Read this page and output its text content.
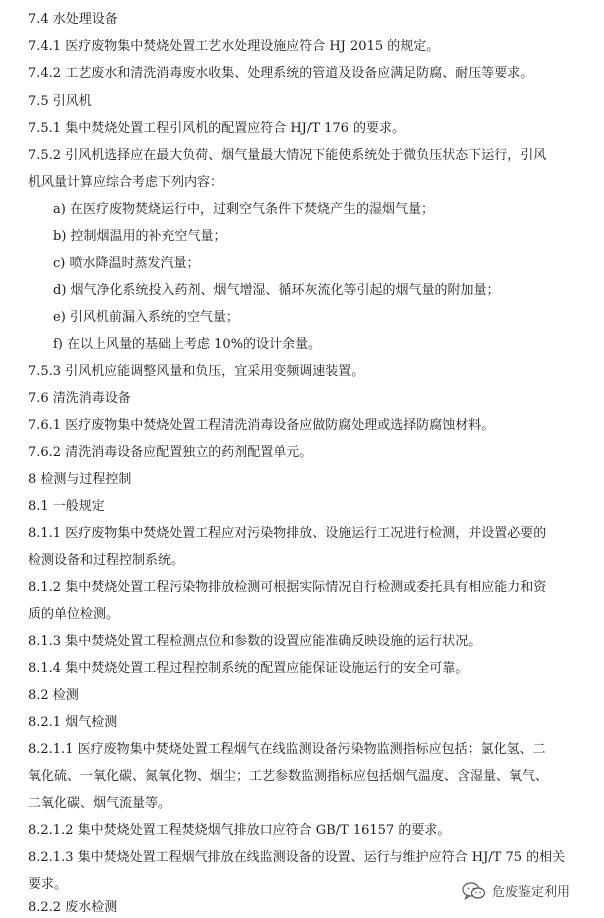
7.4 水处理设备
7.4.1 医疗废物集中焚烧处置工艺水处理设施应符合 HJ 2015 的规定。
7.4.2 工艺废水和清洗消毒废水收集、处理系统的管道及设备应满足防腐、耐压等要求。
7.5 引风机
7.5.1 集中焚烧处置工程引风机的配置应符合 HJ/T 176 的要求。
7.5.2 引风机选择应在最大负荷、烟气量最大情况下能使系统处于微负压状态下运行，引风
机风量计算应综合考虑下列内容：
a) 在医疗废物焚烧运行中，过剩空气条件下焚烧产生的湿烟气量；
b) 控制烟温用的补充空气量；
c) 喷水降温时蒸发汽量；
d) 烟气净化系统投入药剂、烟气增湿、循环灰流化等引起的烟气量的附加量；
e) 引风机前漏入系统的空气量；
f) 在以上风量的基础上考虑 10%的设计余量。
7.5.3 引风机应能调整风量和负压，宜采用变频调速装置。
7.6 清洗消毒设备
7.6.1 医疗废物集中焚烧处置工程清洗消毒设备应做防腐处理或选择防腐蚀材料。
7.6.2 清洗消毒设备应配置独立的药剂配置单元。
8 检测与过程控制
8.1 一般规定
8.1.1 医疗废物集中焚烧处置工程应对污染物排放、设施运行工况进行检测，并设置必要的
检测设备和过程控制系统。
8.1.2 集中焚烧处置工程污染物排放检测可根据实际情况自行检测或委托具有相应能力和资
质的单位检测。
8.1.3 集中焚烧处置工程检测点位和参数的设置应能准确反映设施的运行状况。
8.1.4 集中焚烧处置工程过程控制系统的配置应能保证设施运行的安全可靠。
8.2 检测
8.2.1 烟气检测
8.2.1.1 医疗废物集中焚烧处置工程烟气在线监测设备污染物监测指标应包括：氯化氢、二
氧化硫、一氧化碳、氮氧化物、烟尘；工艺参数监测指标应包括烟气温度、含湿量、氧气、
二氧化碳、烟气流量等。
8.2.1.2 集中焚烧处置工程焚烧烟气排放口应符合 GB/T 16157 的要求。
8.2.1.3 集中焚烧处置工程烟气排放在线监测设备的设置、运行与维护应符合 HJ/T 75 的相关
要求。
8.2.2 废水检测
危废鉴定利用
